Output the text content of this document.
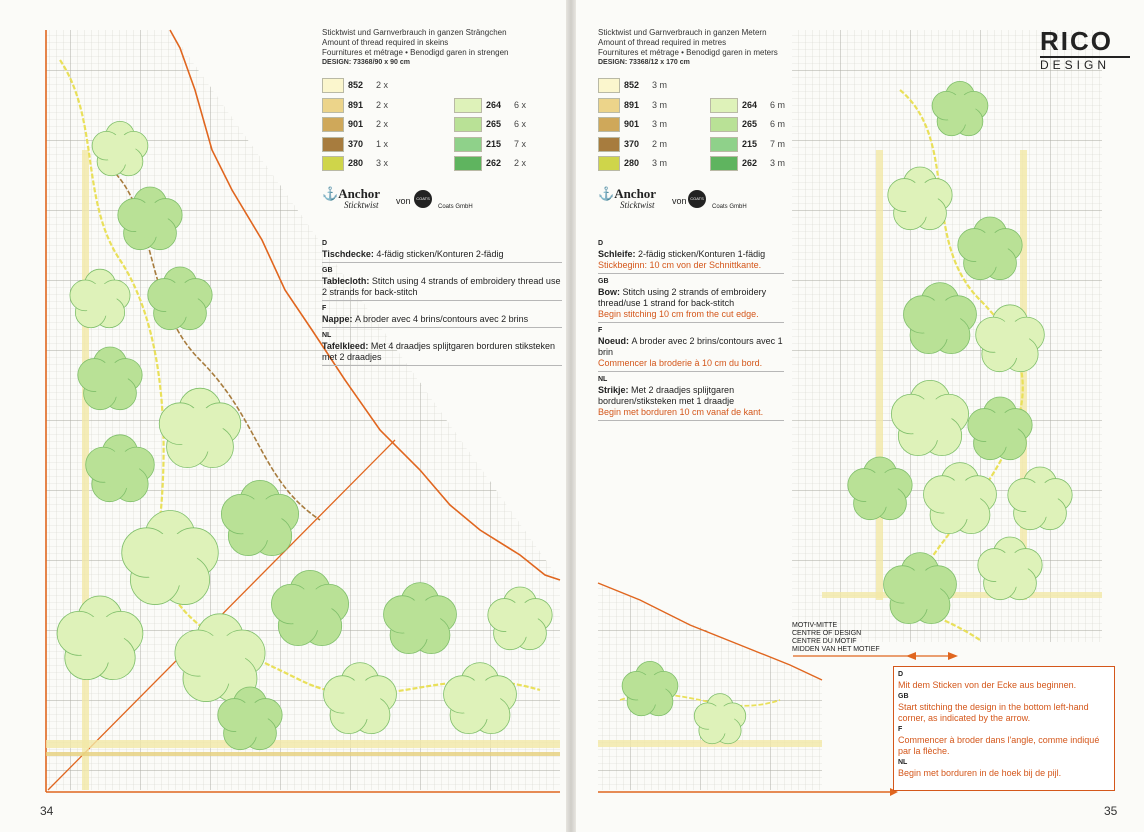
Sticktwist und Garnverbrauch in ganzen Strängchen
Amount of thread required in skeins
Fournitures et métrage • Benodigd garen in strengen
DESIGN: 73368/90 x 90 cm
852 2 x
891 2 x
901 2 x
370 1 x
280 3 x
264 6 x
265 6 x
215 7 x
262 2 x
⚓Anchor
Sticktwist von	COATS
Coats GmbH
D
Tischdecke: 4-fädig sticken/Konturen 2-fädig
GB
Tablecloth: Stitch using 4 strands of embroidery thread use 2 strands for back-stitch
F
Nappe: A broder avec 4 brins/contours avec 2 brins
NL
Tafelkleed: Met 4 draadjes splijtgaren borduren stiksteken met 2 draadjes
Sticktwist und Garnverbrauch in ganzen Metern
Amount of thread required in metres
Fournitures et métrage • Benodigd garen in meters
DESIGN: 73368/12 x 170 cm
852 3 m
891 3 m
901 3 m
370 2 m
280 3 m
264 6 m
265 6 m
215 7 m
262 3 m
⚓Anchor
Sticktwist von COATS
Coats GmbH
D
Schleife: 2-fädig sticken/Konturen 1-fädig
Stickbeginn: 10 cm von der Schnittkante.
GB
Bow: Stitch using 2 strands of embroidery thread/use 1 strand for back-stitch
Begin stitching 10 cm from the cut edge.
F
Noeud: A broder avec 2 brins/contours avec 1 brin
Commencer la broderie à 10 cm du bord.
NL
Strikje: Met 2 draadjes splijtgaren borduren/stiksteken met 1 draadje
Begin met borduren 10 cm vanaf de kant.
RICO
DESIGN
MOTIV-MITTE
CENTRE OF DESIGN
CENTRE DU MOTIF
MIDDEN VAN HET MOTIEF
D
Mit dem Sticken von der Ecke aus beginnen.
GB
Start stitching the design in the bottom left-hand corner, as indicated by the arrow.
F
Commencer à broder dans l'angle, comme indiqué par la flèche.
NL
Begin met borduren in de hoek bij de pijl.
34	35
